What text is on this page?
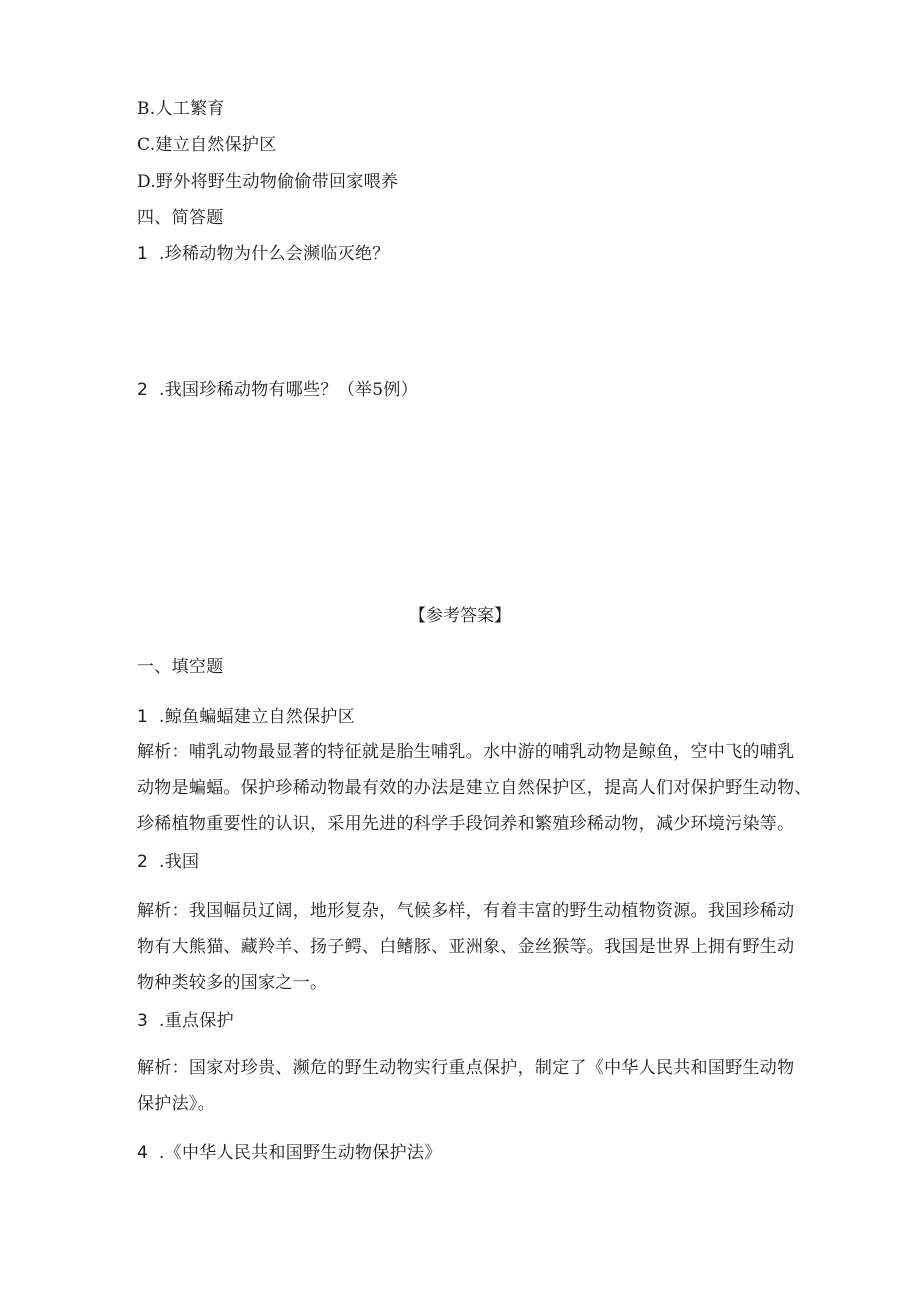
B.人工繁育
C.建立自然保护区
D.野外将野生动物偷偷带回家喂养
四、简答题
1 .珍稀动物为什么会濒临灭绝？
2 .我国珍稀动物有哪些？（举5例）
【参考答案】
一、填空题
1 .鲸鱼蝙蝠建立自然保护区
解析：哺乳动物最显著的特征就是胎生哺乳。水中游的哺乳动物是鲸鱼，空中飞的哺乳
动物是蝙蝠。保护珍稀动物最有效的办法是建立自然保护区，提高人们对保护野生动物、
珍稀植物重要性的认识，采用先进的科学手段饲养和繁殖珍稀动物，减少环境污染等。
2 .我国
解析：我国幅员辽阔，地形复杂，气候多样，有着丰富的野生动植物资源。我国珍稀动
物有大熊猫、藏羚羊、扬子鳄、白鳍豚、亚洲象、金丝猴等。我国是世界上拥有野生动
物种类较多的国家之一。
3 .重点保护
解析：国家对珍贵、濒危的野生动物实行重点保护，制定了《中华人民共和国野生动物
保护法》。
4 .《中华人民共和国野生动物保护法》
